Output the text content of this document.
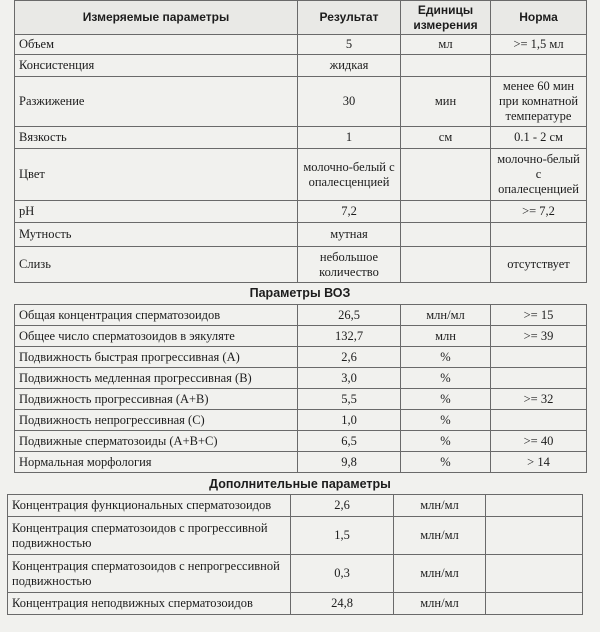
Измеряемые параметры	Результат	Единицы измерения	Норма
Объем	5	мл	>= 1,5 мл
Консистенция	жидкая		
Разжижение	30	мин	менее 60 мин при комнатной температуре
Вязкость	1	см	0.1 - 2 см
Цвет	молочно-белый с опалесценцией		молочно-белый с опалесценцией
pH	7,2		>= 7,2
Мутность	мутная		
Слизь	небольшое количество		отсутствует
Параметры ВОЗ
Общая концентрация сперматозоидов	26,5	млн/мл	>= 15
Общее число сперматозоидов в эякуляте	132,7	млн	>= 39
Подвижность быстрая прогрессивная (A)	2,6	%	
Подвижность медленная прогрессивная (B)	3,0	%	
Подвижность прогрессивная (A+B)	5,5	%	>= 32
Подвижность непрогрессивная (C)	1,0	%	
Подвижные сперматозоиды (A+B+C)	6,5	%	>= 40
Нормальная морфология	9,8	%	> 14
Дополнительные параметры
Концентрация функциональных сперматозоидов	2,6	млн/мл	
Концентрация сперматозоидов с прогрессивной подвижностью	1,5	млн/мл	
Концентрация сперматозоидов с непрогрессивной подвижностью	0,3	млн/мл	
Концентрация неподвижных сперматозоидов	24,8	млн/мл	
